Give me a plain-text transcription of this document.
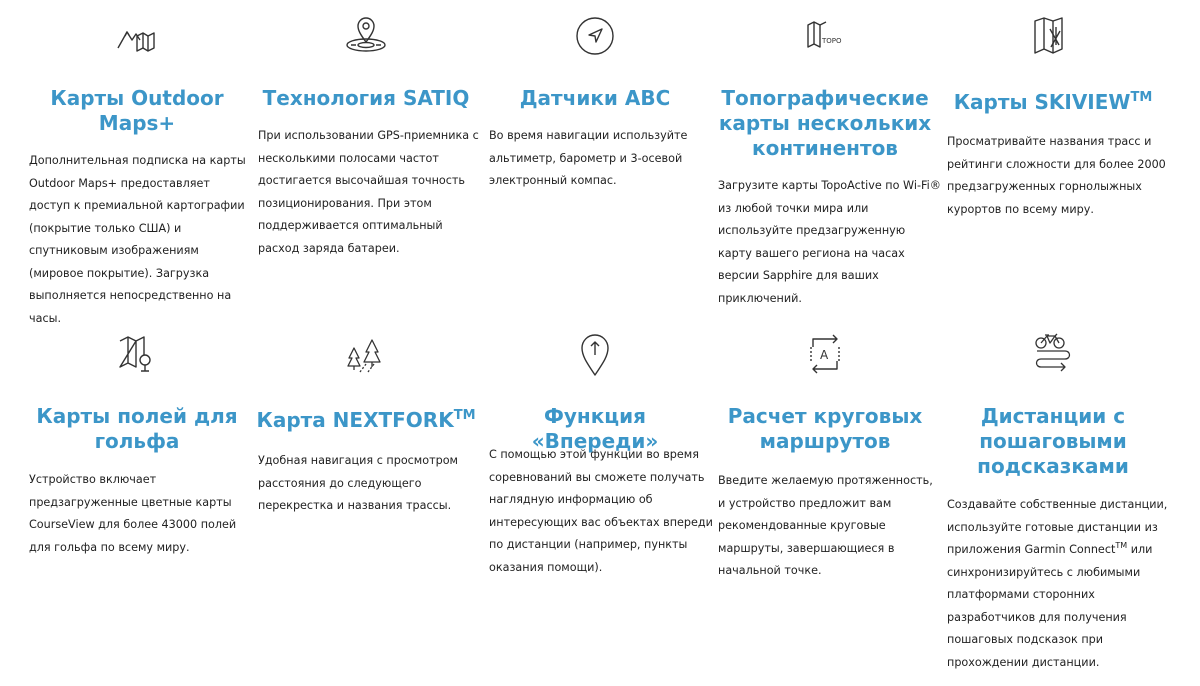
Карты Outdoor Maps+
Дополнительная подписка на карты Outdoor Maps+ предоставляет доступ к премиальной картографии (покрытие только США) и спутниковым изображениям (мировое покрытие). Загрузка выполняется непосредственно на часы.
Технология SATIQ
При использовании GPS-приемника с несколькими полосами частот достигается высочайшая точность позиционирования. При этом поддерживается оптимальный расход заряда батареи.
Датчики ABC
Во время навигации используйте альтиметр, барометр и 3-осевой электронный компас.
TOPO
Топографические карты нескольких континентов
Загрузите карты TopoActive по Wi-Fi® из любой точки мира или используйте предзагруженную карту вашего региона на часах версии Sapphire для ваших приключений.
Карты SKIVIEW™
Просматривайте названия трасс и рейтинги сложности для более 2000 предзагруженных горнолыжных курортов по всему миру.
Карты полей для гольфа
Устройство включает предзагруженные цветные карты CourseView для более 43000 полей для гольфа по всему миру.
Карта NEXTFORK™
Удобная навигация с просмотром расстояния до следующего перекрестка и названия трассы.
Функция «Впереди»
С помощью этой функции во время соревнований вы сможете получать наглядную информацию об интересующих вас объектах впереди по дистанции (например, пункты оказания помощи).
A
Расчет круговых маршрутов
Введите желаемую протяженность, и устройство предложит вам рекомендованные круговые маршруты, завершающиеся в начальной точке.
Дистанции с пошаговыми подсказками
Создавайте собственные дистанции, используйте готовые дистанции из приложения Garmin Connect™ или синхронизируйтесь с любимыми платформами сторонних разработчиков для получения пошаговых подсказок при прохождении дистанции.
